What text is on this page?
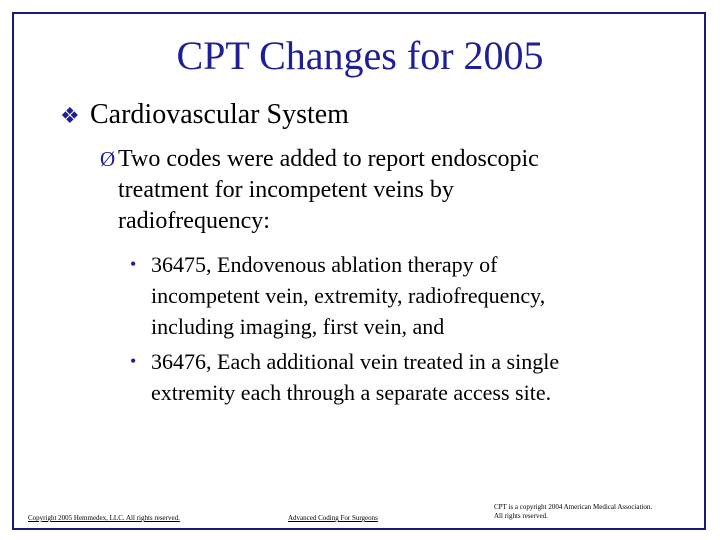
CPT Changes for 2005
❖ Cardiovascular System
Ø Two codes were added to report endoscopic
treatment for incompetent veins by
radiofrequency:
• 36475, Endovenous ablation therapy of
incompetent vein, extremity, radiofrequency,
including imaging, first vein, and
• 36476, Each additional vein treated in a single
extremity each through a separate access site.
Copyright 2005 Hemmedex, LLC. All rights reserved.	Advanced Coding For Surgeons
CPT is a copyright 2004 American Medical Association.
All rights reserved.
